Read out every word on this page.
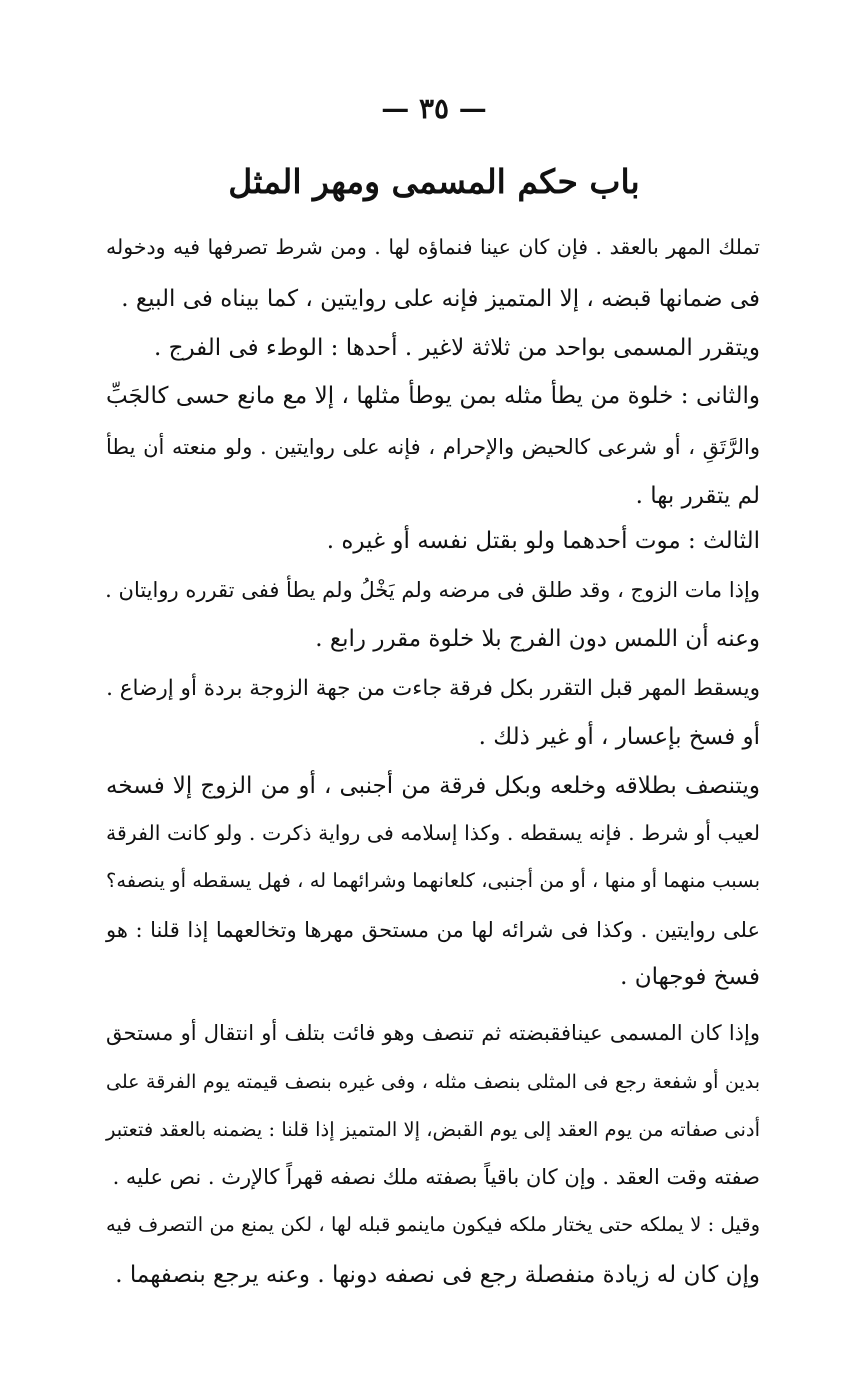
— ٣٥ —
باب حكم المسمى ومهر المثل
تملك المهر بالعقد . فإن كان عينا فنماؤه لها . ومن شرط تصرفها فيه ودخوله
فى ضمانها قبضه ، إلا المتميز فإنه على روايتين ، كما بيناه فى البيع .
ويتقرر المسمى بواحد من ثلاثة لاغير . أحدها : الوطء فى الفرج .
والثانى : خلوة من يطأ مثله بمن يوطأ مثلها ، إلا مع مانع حسى كالجَبِّ
والرَّتَقِ ، أو شرعى كالحيض والإحرام ، فإنه على روايتين . ولو منعته أن يطأ
لم يتقرر بها .
الثالث : موت أحدهما ولو بقتل نفسه أو غيره .
وإذا مات الزوج ، وقد طلق فى مرضه ولم يَخْلُ ولم يطأ ففى تقرره روايتان .
وعنه أن اللمس دون الفرج بلا خلوة مقرر رابع .
ويسقط المهر قبل التقرر بكل فرقة جاءت من جهة الزوجة بردة أو إرضاع .
أو فسخ بإعسار ، أو غير ذلك .
ويتنصف بطلاقه وخلعه وبكل فرقة من أجنبى ، أو من الزوج إلا فسخه
لعيب أو شرط . فإنه يسقطه . وكذا إسلامه فى رواية ذكرت . ولو كانت الفرقة
بسبب منهما أو منها ، أو من أجنبى، كلعانهما وشرائهما له ، فهل يسقطه أو ينصفه؟
على روايتين . وكذا فى شرائه لها من مستحق مهرها وتخالعهما إذا قلنا : هو
فسخ فوجهان .
وإذا كان المسمى عينافقبضته ثم تنصف وهو فائت بتلف أو انتقال أو مستحق
بدين أو شفعة رجع فى المثلى بنصف مثله ، وفى غيره بنصف قيمته يوم الفرقة على
أدنى صفاته من يوم العقد إلى يوم القبض، إلا المتميز إذا قلنا : يضمنه بالعقد فتعتبر
صفته وقت العقد . وإن كان باقياً بصفته ملك نصفه قهراً كالإرث . نص عليه .
وقيل : لا يملكه حتى يختار ملكه فيكون ماينمو قبله لها ، لكن يمنع من التصرف فيه
وإن كان له زيادة منفصلة رجع فى نصفه دونها . وعنه يرجع بنصفهما .
